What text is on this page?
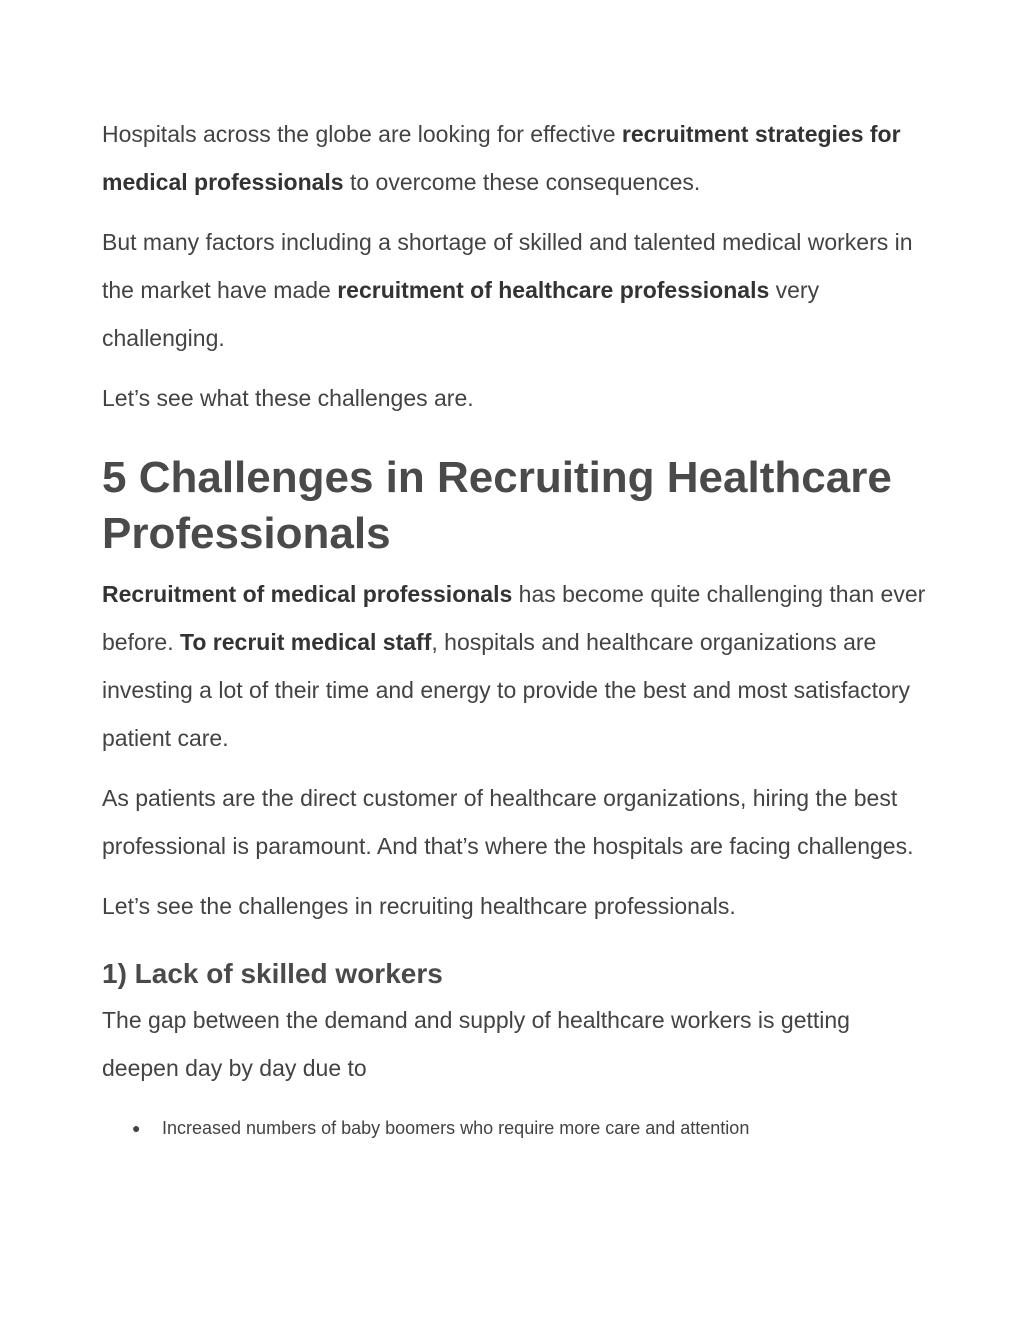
Hospitals across the globe are looking for effective recruitment strategies for medical professionals to overcome these consequences.

But many factors including a shortage of skilled and talented medical workers in the market have made recruitment of healthcare professionals very challenging.

Let’s see what these challenges are.

5 Challenges in Recruiting Healthcare Professionals

Recruitment of medical professionals has become quite challenging than ever before. To recruit medical staff, hospitals and healthcare organizations are investing a lot of their time and energy to provide the best and most satisfactory patient care.

As patients are the direct customer of healthcare organizations, hiring the best professional is paramount. And that’s where the hospitals are facing challenges.

Let’s see the challenges in recruiting healthcare professionals.

1) Lack of skilled workers

The gap between the demand and supply of healthcare workers is getting deepen day by day due to

● Increased numbers of baby boomers who require more care and attention
